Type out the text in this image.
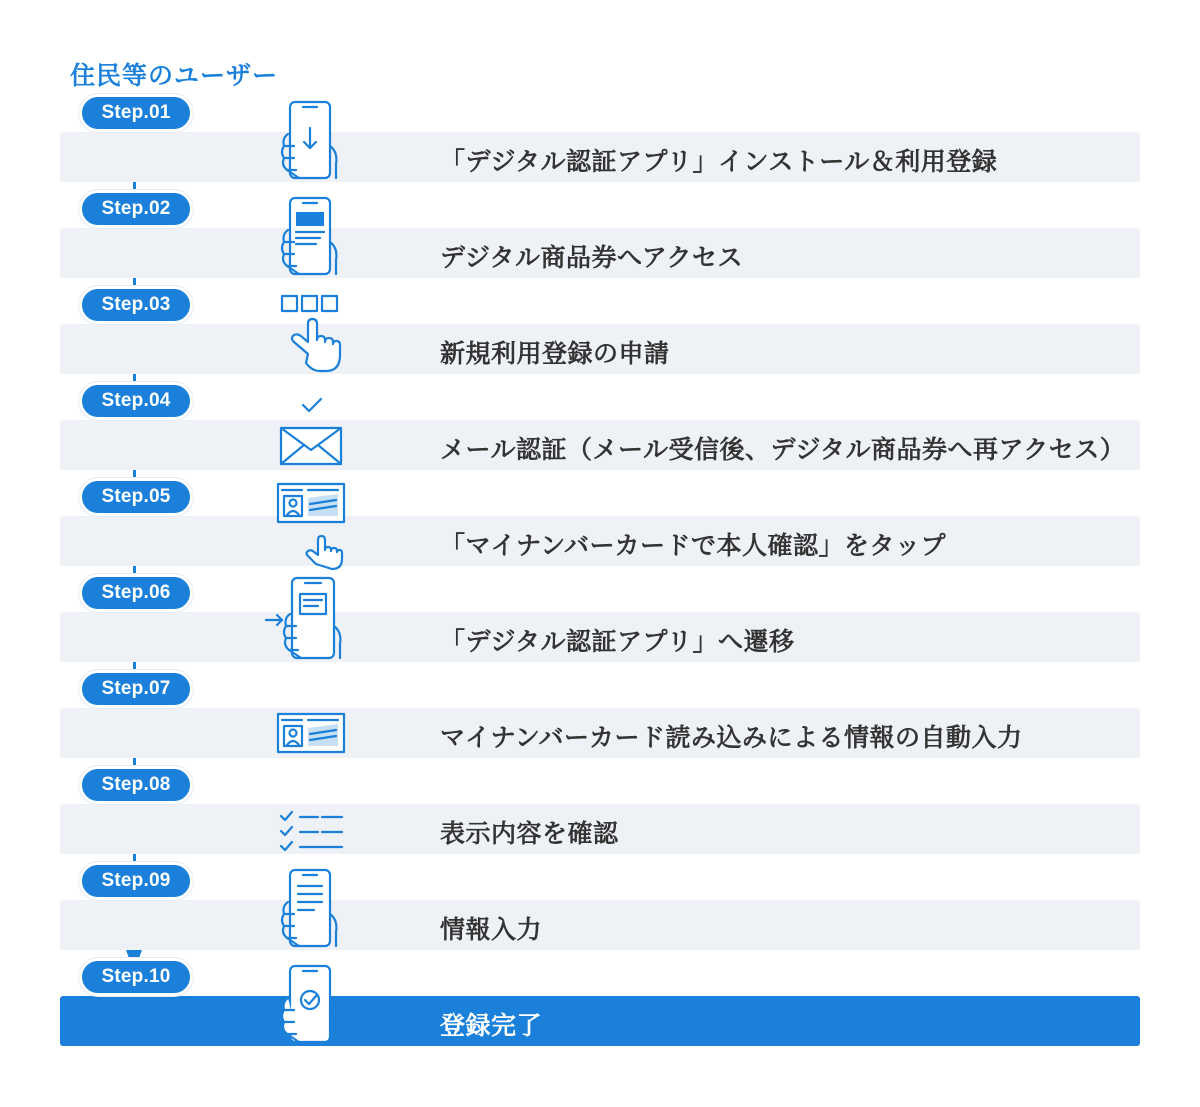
住民等のユーザー
Step.01
「デジタル認証アプリ」インストール＆利用登録
Step.02
デジタル商品券へアクセス
Step.03
新規利用登録の申請
Step.04
メール認証（メール受信後、デジタル商品券へ再アクセス）
Step.05
「マイナンバーカードで本人確認」をタップ
Step.06
「デジタル認証アプリ」へ遷移
Step.07
マイナンバーカード読み込みによる情報の自動入力
Step.08
表示内容を確認
Step.09
情報入力
Step.10
登録完了
